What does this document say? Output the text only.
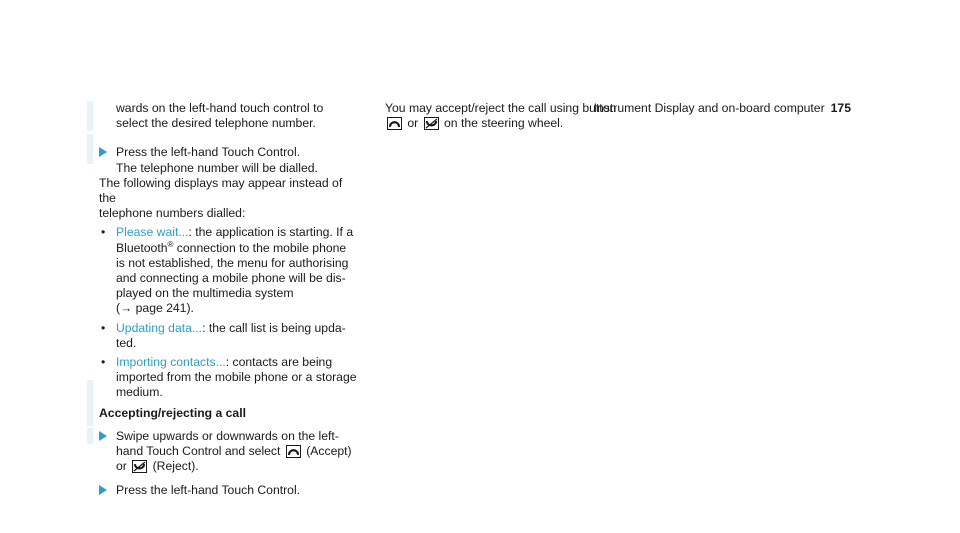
Instrument Display and on-board computer 175

wards on the left-hand touch control to

select the desired telephone number.

Press the left-hand Touch Control.

The telephone number will be dialled.

The following displays may appear instead of the

telephone numbers dialled:

• Please wait...: the application is starting. If a

Bluetooth® connection to the mobile phone

is not established, the menu for authorising

and connecting a mobile phone will be dis-

played on the multimedia system

(→ page 241).

• Updating data...: the call list is being upda-

ted.

• Importing contacts...: contacts are being

imported from the mobile phone or a storage

medium.

Accepting/rejecting a call

Swipe upwards or downwards on the left-

hand Touch Control and select (Accept)

or (Reject).

Press the left-hand Touch Control.

You may accept/reject the call using button

or on the steering wheel.
